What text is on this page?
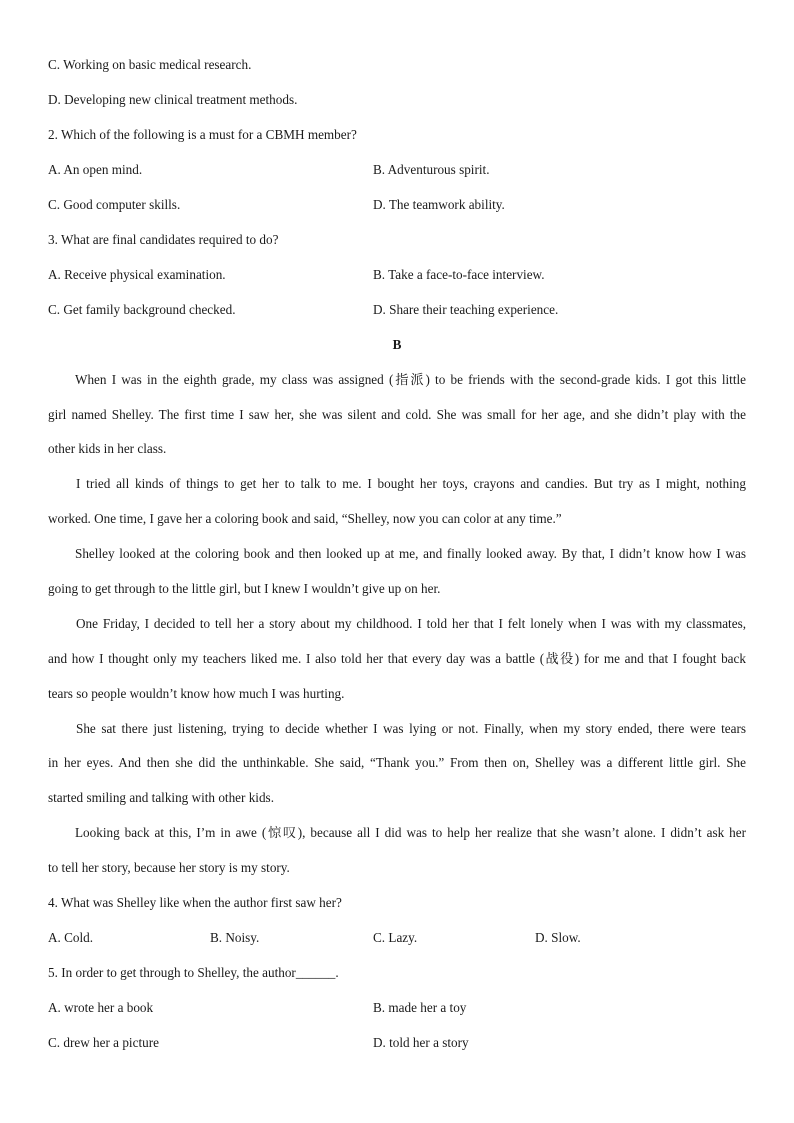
C. Working on basic medical research.
D. Developing new clinical treatment methods.
2. Which of the following is a must for a CBMH member?
A. An open mind.	B. Adventurous spirit.
C. Good computer skills.	D. The teamwork ability.
3. What are final candidates required to do?
A. Receive physical examination.	B. Take a face-to-face interview.
C. Get family background checked.	D. Share their teaching experience.
B
When I was in the eighth grade, my class was assigned (指派) to be friends with the second-grade kids. I got this little
girl named Shelley. The first time I saw her, she was silent and cold. She was small for her age, and she didn’t play with the
other kids in her class.
I tried all kinds of things to get her to talk to me. I bought her toys, crayons and candies. But try as I might, nothing
worked. One time, I gave her a coloring book and said, “Shelley, now you can color at any time.”
Shelley looked at the coloring book and then looked up at me, and finally looked away. By that, I didn’t know how I was
going to get through to the little girl, but I knew I wouldn’t give up on her.
One Friday, I decided to tell her a story about my childhood. I told her that I felt lonely when I was with my classmates,
and how I thought only my teachers liked me. I also told her that every day was a battle (战役) for me and that I fought back
tears so people wouldn’t know how much I was hurting.
She sat there just listening, trying to decide whether I was lying or not. Finally, when my story ended, there were tears
in her eyes. And then she did the unthinkable. She said, “Thank you.” From then on, Shelley was a different little girl. She
started smiling and talking with other kids.
Looking back at this, I’m in awe (惊叹), because all I did was to help her realize that she wasn’t alone. I didn’t ask her
to tell her story, because her story is my story.
4. What was Shelley like when the author first saw her?
A. Cold.	B. Noisy.	C. Lazy.	D. Slow.
5. In order to get through to Shelley, the author______.
A. wrote her a book	B. made her a toy
C. drew her a picture	D. told her a story
